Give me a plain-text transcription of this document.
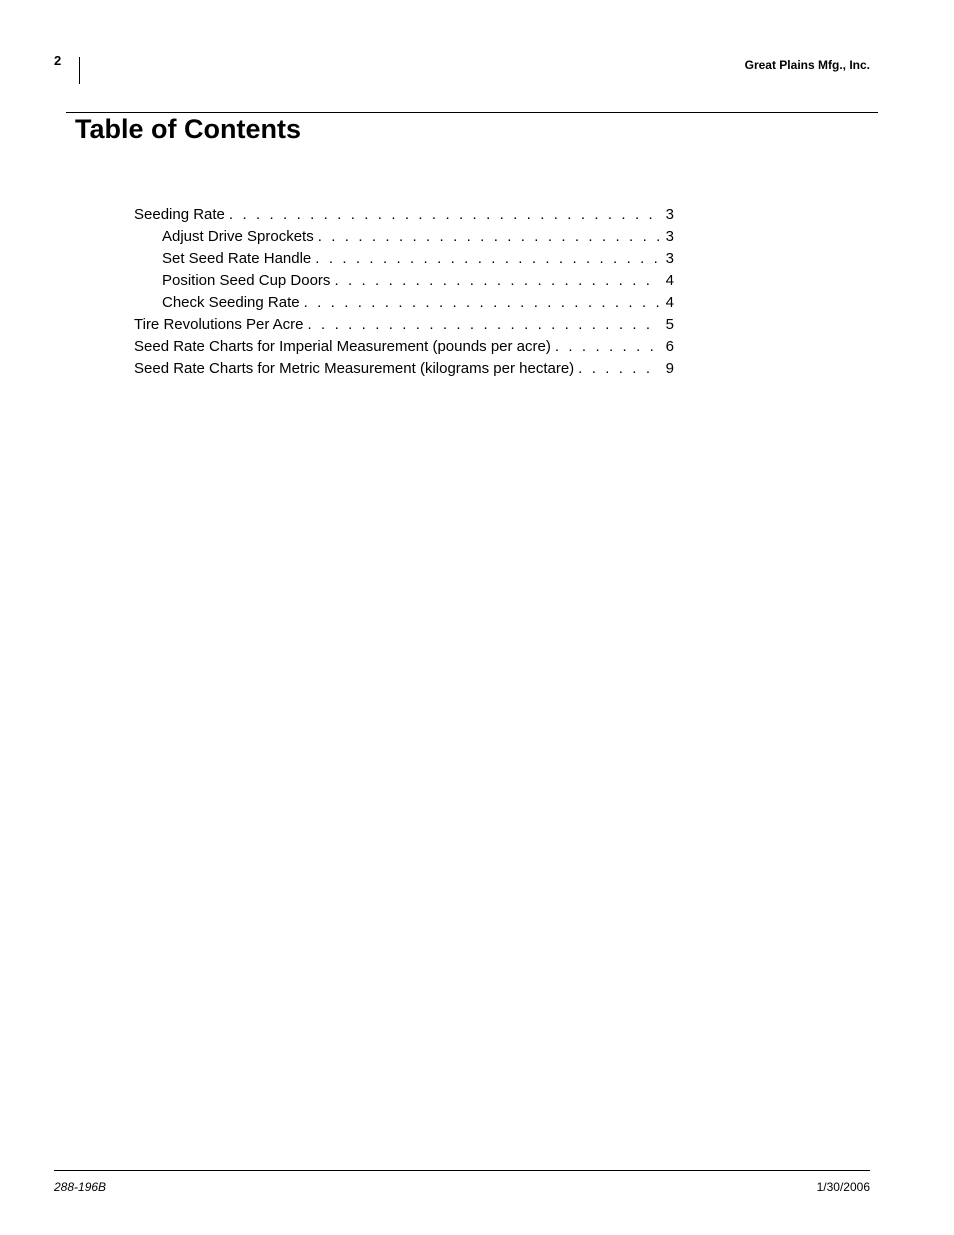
2	Great Plains Mfg., Inc.
Table of Contents
Seeding Rate . . .	3
Adjust Drive Sprockets . . .	3
Set Seed Rate Handle . . .	3
Position Seed Cup Doors . . .	4
Check Seeding Rate . . .	4
Tire Revolutions Per Acre . . .	5
Seed Rate Charts for Imperial Measurement (pounds per acre) . . .	6
Seed Rate Charts for Metric Measurement (kilograms per hectare) . . .	9
288-196B	1/30/2006
